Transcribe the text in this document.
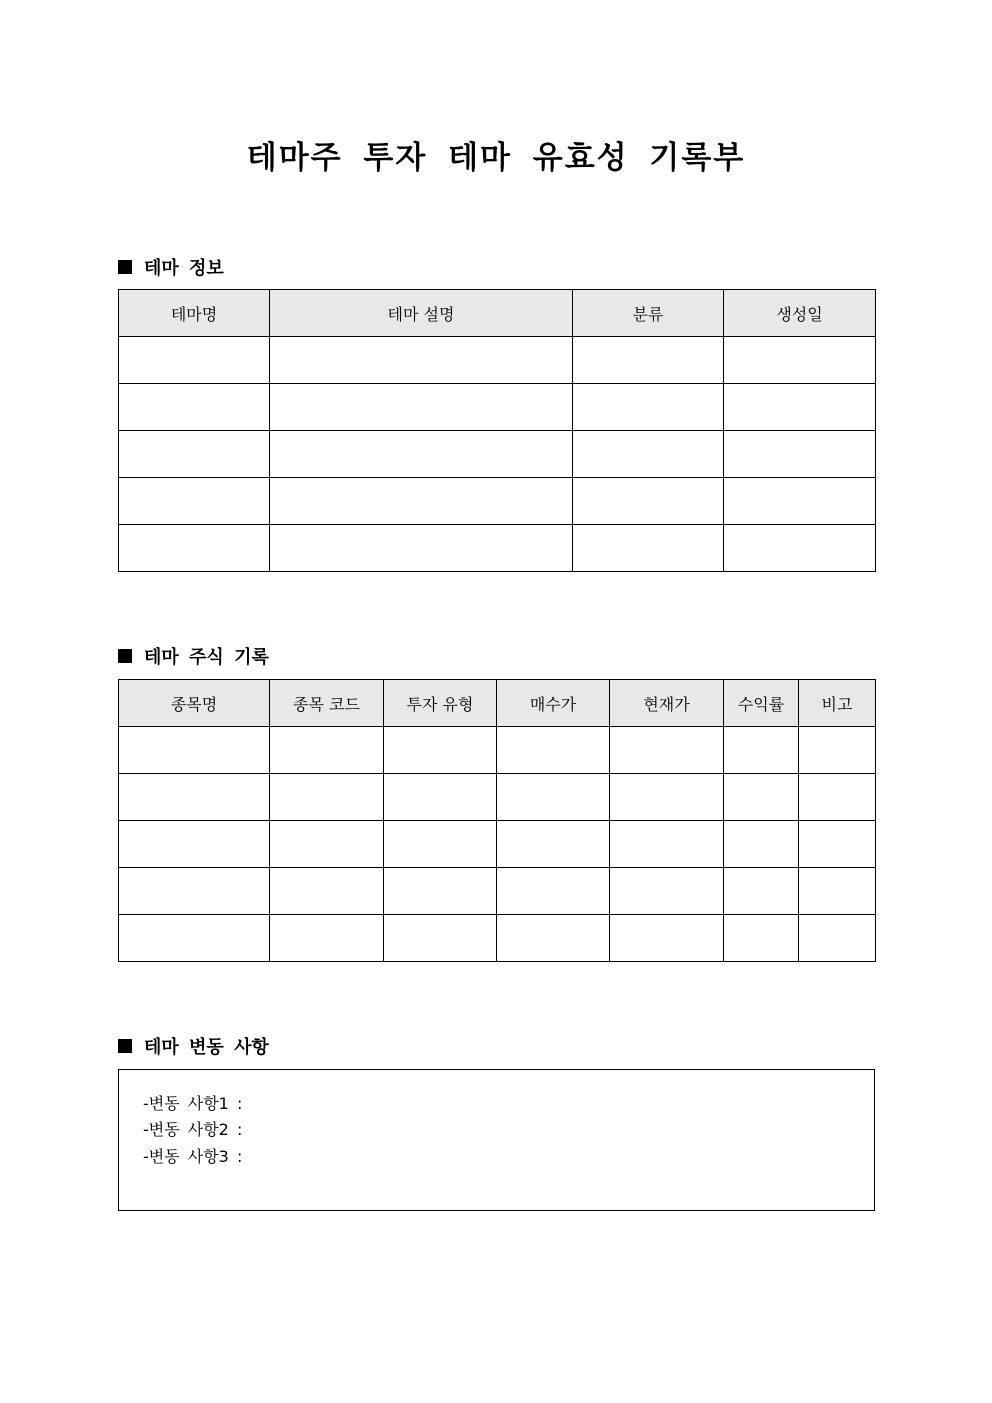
테마주 투자 테마 유효성 기록부
테마 정보
테마명	테마 설명	분류	생성일

테마 주식 기록
종목명	종목 코드	투자 유형	매수가	현재가	수익률	비고

테마 변동 사항
-변동 사항1 :
-변동 사항2 :
-변동 사항3 :
